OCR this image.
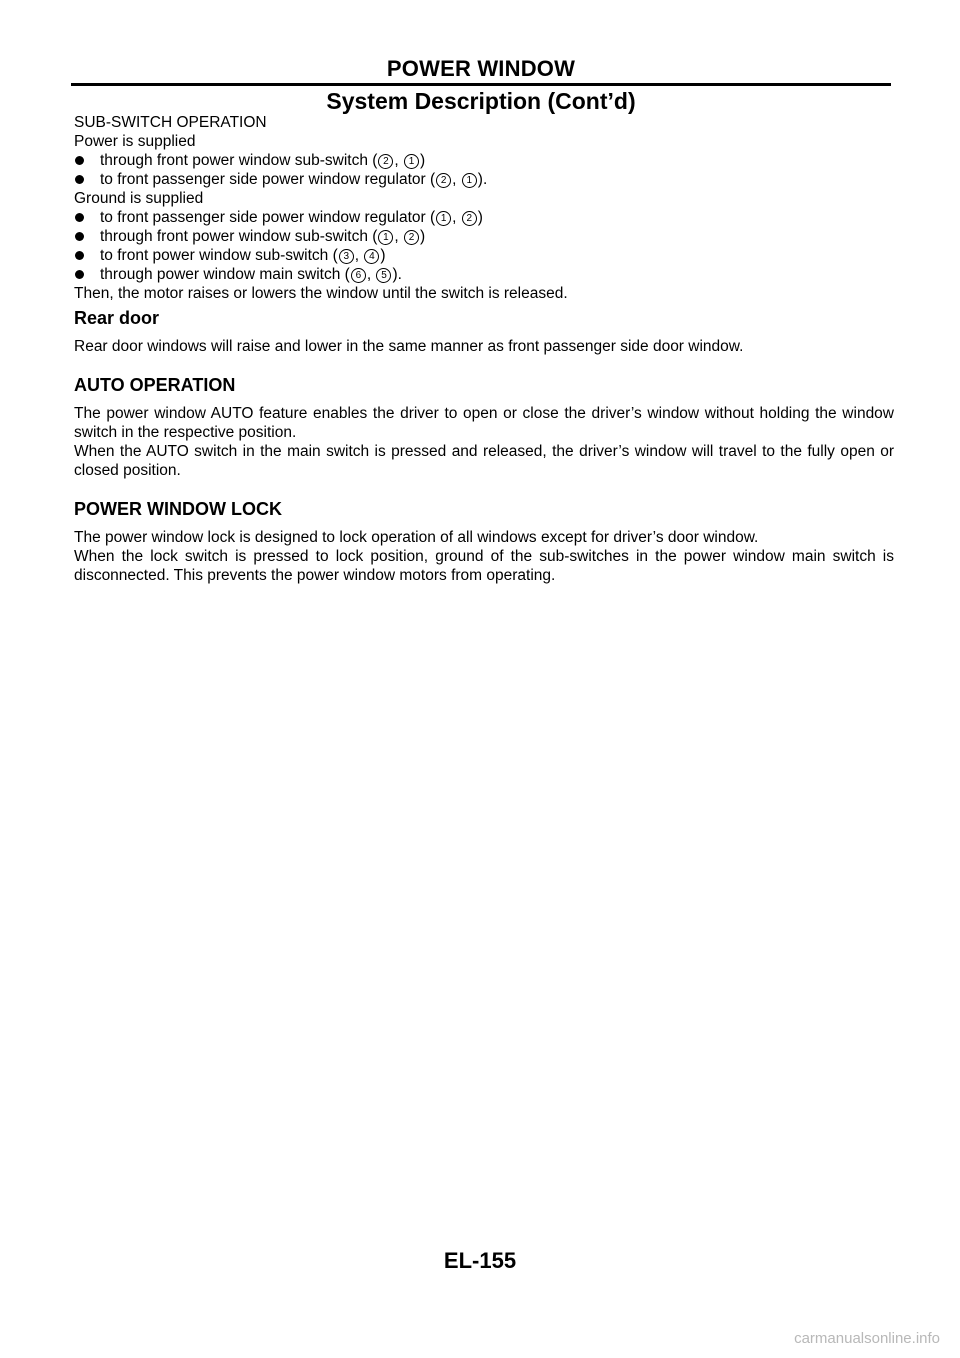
POWER WINDOW
System Description (Cont’d)

SUB-SWITCH OPERATION

Power is supplied

through front power window sub-switch ( 2 , 1 )

to front passenger side power window regulator ( 2 , 1 ).

Ground is supplied

to front passenger side power window regulator ( 1 , 2 )

through front power window sub-switch ( 1 , 2 )

to front power window sub-switch ( 3 , 4 )

through power window main switch ( 6 , 5 ).

Then, the motor raises or lowers the window until the switch is released.

Rear door

Rear door windows will raise and lower in the same manner as front passenger side door window.

AUTO OPERATION

The power window AUTO feature enables the driver to open or close the driver’s window without holding the window switch in the respective position.

When the AUTO switch in the main switch is pressed and released, the driver’s window will travel to the fully open or closed position.

POWER WINDOW LOCK

The power window lock is designed to lock operation of all windows except for driver’s door window.

When the lock switch is pressed to lock position, ground of the sub-switches in the power window main switch is disconnected. This prevents the power window motors from operating.

EL-155
carmanualsonline.info
